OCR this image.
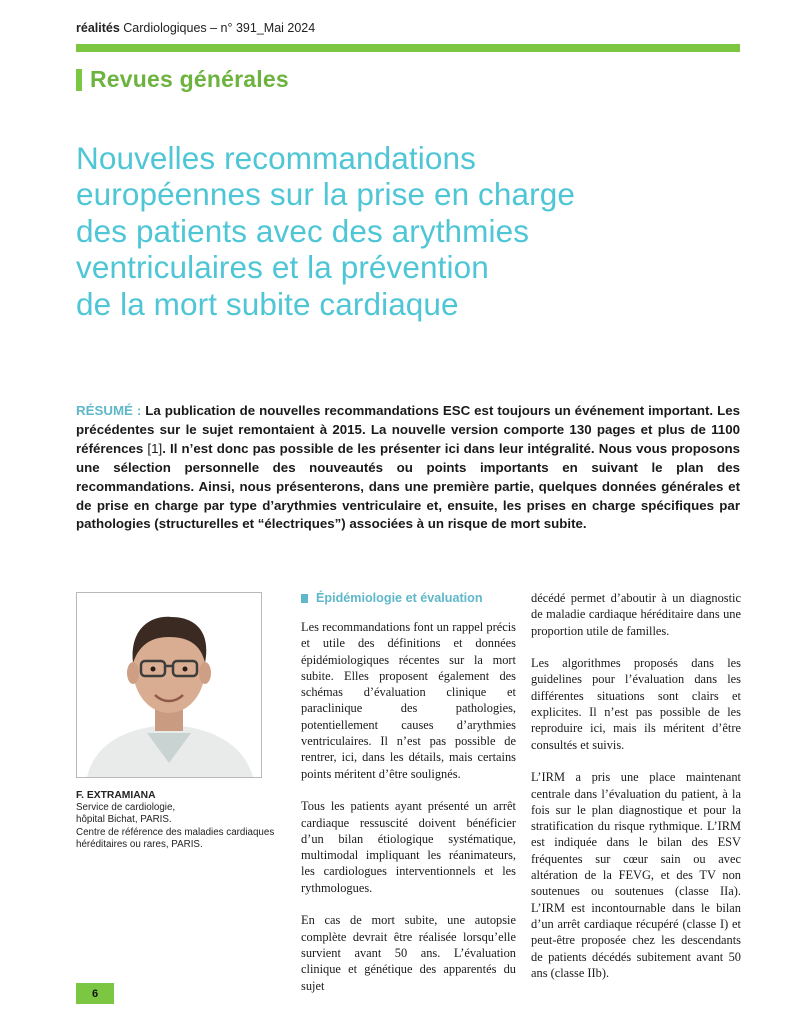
réalités Cardiologiques – n° 391_Mai 2024
Revues générales
Nouvelles recommandations
européennes sur la prise en charge
des patients avec des arythmies
ventriculaires et la prévention
de la mort subite cardiaque

RÉSUMÉ : La publication de nouvelles recommandations ESC est toujours un événement important. Les précédentes sur le sujet remontaient à 2015. La nouvelle version comporte 130 pages et plus de 1100 références [1]. Il n’est donc pas possible de les présenter ici dans leur intégralité. Nous vous proposons une sélection personnelle des nouveautés ou points importants en suivant le plan des recommandations. Ainsi, nous présenterons, dans une première partie, quelques données générales et de prise en charge par type d’arythmies ventriculaire et, ensuite, les prises en charge spécifiques par pathologies (structurelles et “électriques”) associées à un risque de mort subite.

F. EXTRAMIANA
Service de cardiologie,
hôpital Bichat, PARIS.
Centre de référence des maladies cardiaques héréditaires ou rares, PARIS.
Épidémiologie et évaluation

Les recommandations font un rappel précis et utile des définitions et données épidémiologiques récentes sur la mort subite. Elles proposent également des schémas d’évaluation clinique et paraclinique des pathologies, potentiellement causes d’arythmies ventriculaires. Il n’est pas possible de rentrer, ici, dans les détails, mais certains points méritent d’être soulignés.

Tous les patients ayant présenté un arrêt cardiaque ressuscité doivent bénéficier d’un bilan étiologique systématique, multimodal impliquant les réanimateurs, les cardiologues interventionnels et les rythmologues.

En cas de mort subite, une autopsie complète devrait être réalisée lorsqu’elle survient avant 50 ans. L’évaluation clinique et génétique des apparentés du sujet

décédé permet d’aboutir à un diagnostic de maladie cardiaque héréditaire dans une proportion utile de familles.

Les algorithmes proposés dans les guidelines pour l’évaluation dans les différentes situations sont clairs et explicites. Il n’est pas possible de les reproduire ici, mais ils méritent d’être consultés et suivis.

L’IRM a pris une place maintenant centrale dans l’évaluation du patient, à la fois sur le plan diagnostique et pour la stratification du risque rythmique. L’IRM est indiquée dans le bilan des ESV fréquentes sur cœur sain ou avec altération de la FEVG, et des TV non soutenues ou soutenues (classe IIa). L’IRM est incontournable dans le bilan d’un arrêt cardiaque récupéré (classe I) et peut-être proposée chez les descendants de patients décédés subitement avant 50 ans (classe IIb).

6
